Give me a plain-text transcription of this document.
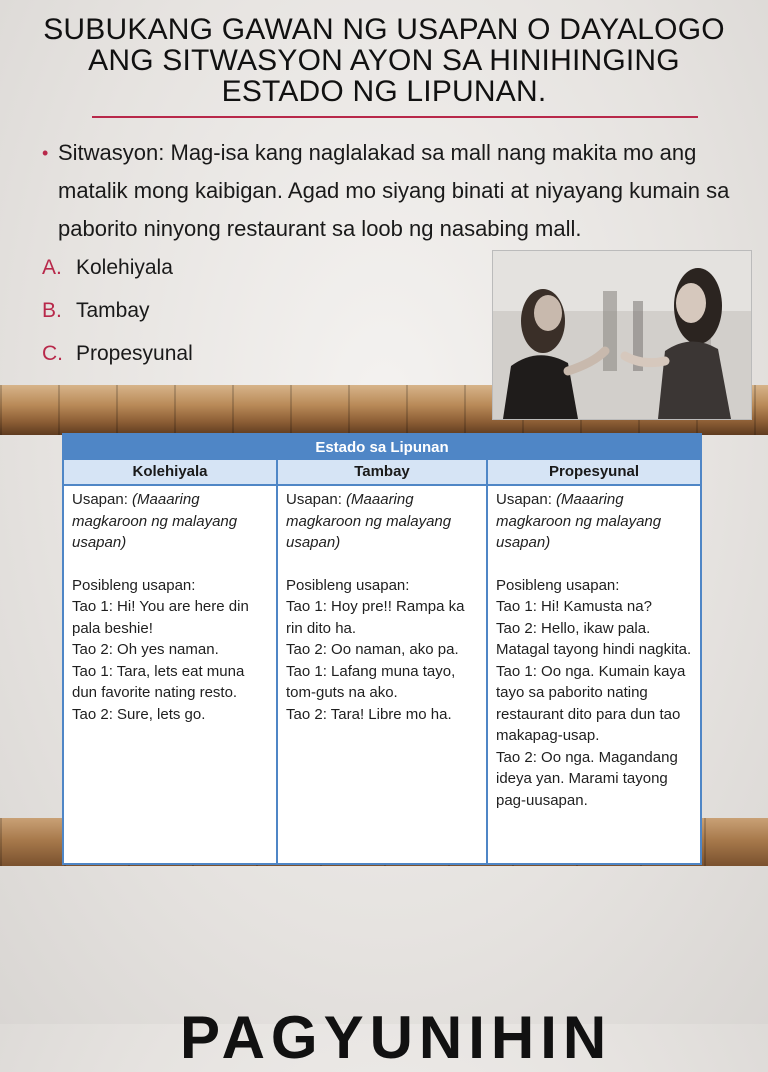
SUBUKANG GAWAN NG USAPAN O DAYALOGO ANG SITWASYON AYON SA HINIHINGING ESTADO NG LIPUNAN.
• Sitwasyon: Mag-isa kang naglalakad sa mall nang makita mo ang matalik mong kaibigan. Agad mo siyang binati at niyayang kumain sa paborito ninyong restaurant sa loob ng nasabing mall.
A. Kolehiyala
B. Tambay
C. Propesyunal
Estado sa Lipunan
Kolehiyala
Usapan: (Maaaring magkaroon ng malayang usapan)
Posibleng usapan:
Tao 1: Hi! You are here din pala beshie!
Tao 2: Oh yes naman.
Tao 1: Tara, lets eat muna dun favorite nating resto.
Tao 2: Sure, lets go.
Tambay
Usapan: (Maaaring magkaroon ng malayang usapan)
Posibleng usapan:
Tao 1: Hoy pre!! Rampa ka rin dito ha.
Tao 2: Oo naman, ako pa.
Tao 1: Lafang muna tayo, tom-guts na ako.
Tao 2: Tara! Libre mo ha.
Propesyunal
Usapan: (Maaaring magkaroon ng malayang usapan)
Posibleng usapan:
Tao 1: Hi! Kamusta na?
Tao 2: Hello, ikaw pala. Matagal tayong hindi nagkita.
Tao 1: Oo nga. Kumain kaya tayo sa paborito nating restaurant dito para dun tao makapag-usap.
Tao 2: Oo nga. Magandang ideya yan. Marami tayong pag-uusapan.
PAGYUNIHIN
